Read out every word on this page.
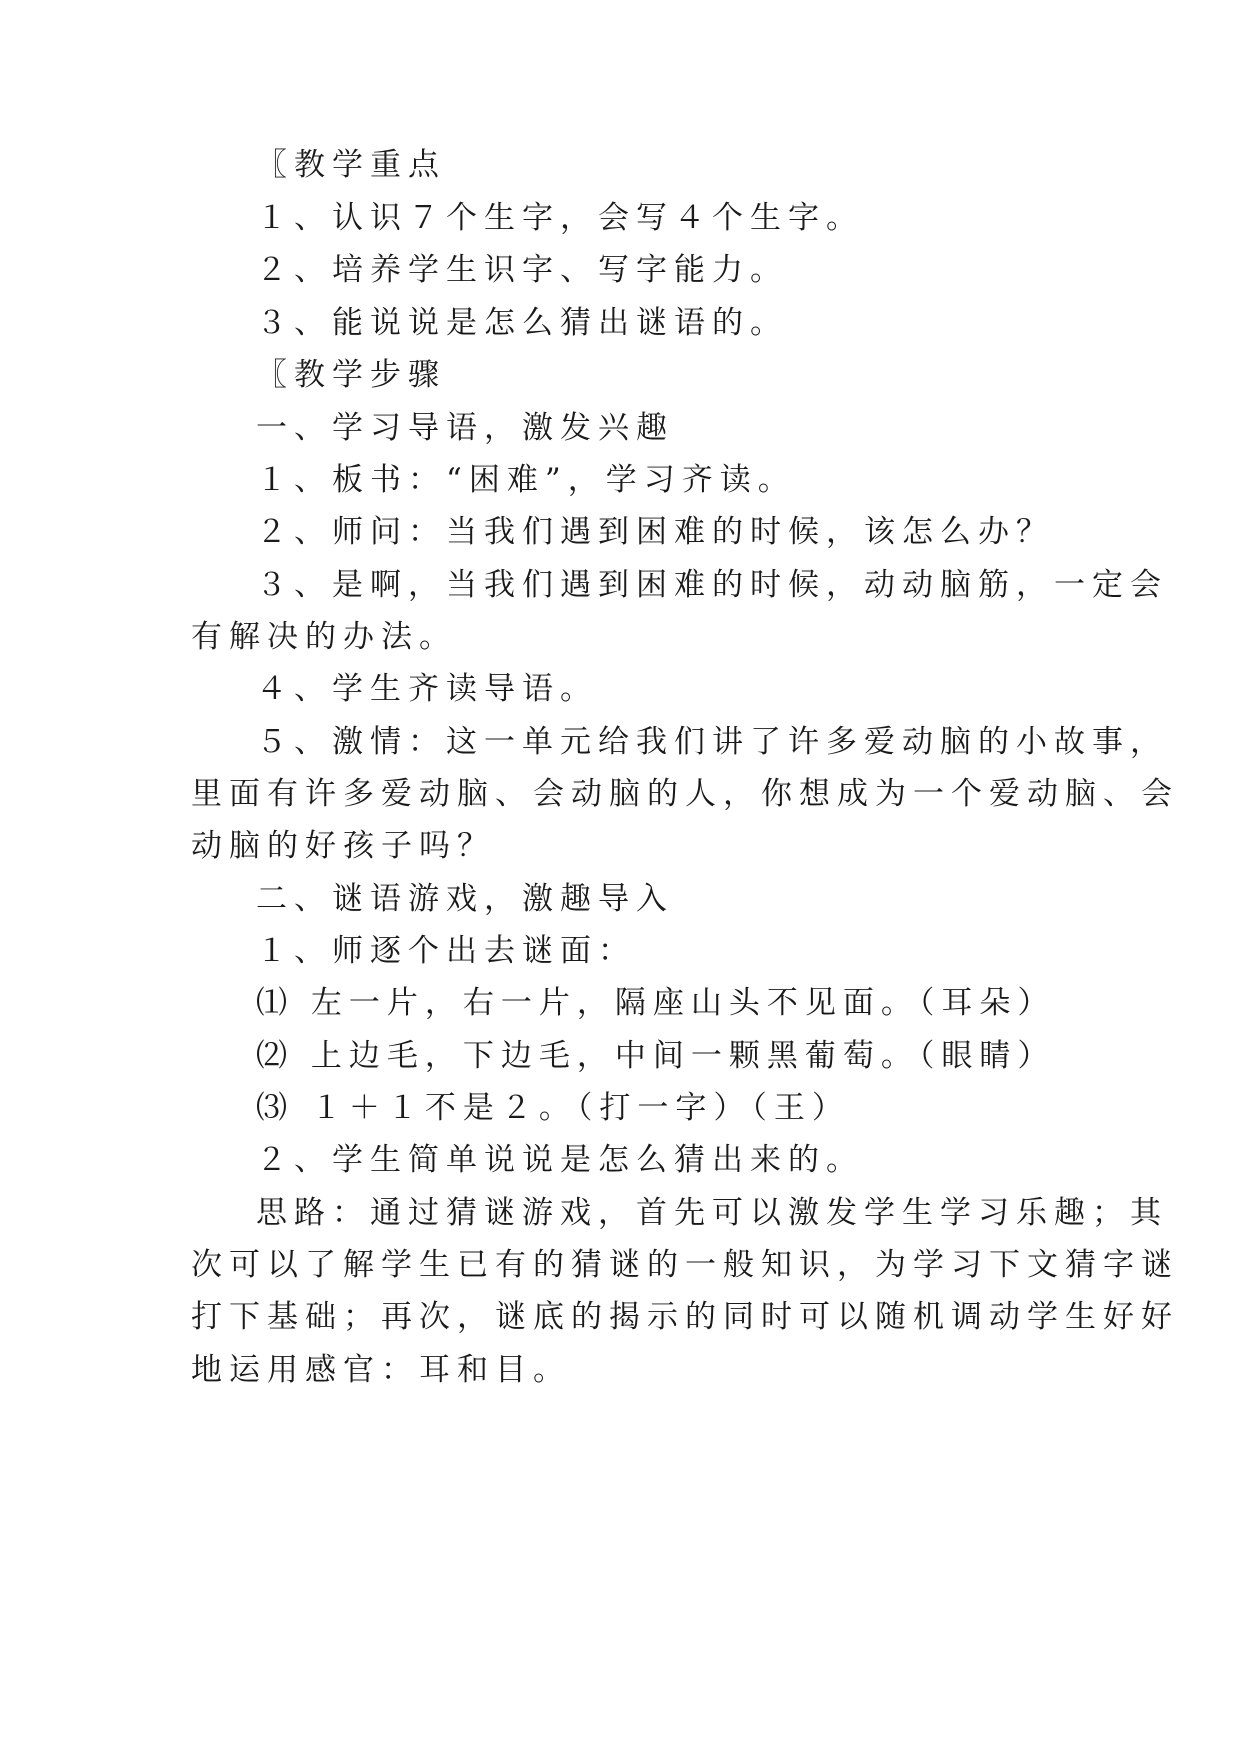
〖教学重点
１、认识７个生字，会写４个生字。
２、培养学生识字、写字能力。
３、能说说是怎么猜出谜语的。
〖教学步骤
一、学习导语，激发兴趣
１、板书：“困难”，学习齐读。
２、师问：当我们遇到困难的时候，该怎么办？
３、是啊，当我们遇到困难的时候，动动脑筋，一定会
有解决的办法。
４、学生齐读导语。
５、激情：这一单元给我们讲了许多爱动脑的小故事，
里面有许多爱动脑、会动脑的人，你想成为一个爱动脑、会
动脑的好孩子吗？
二、谜语游戏，激趣导入
１、师逐个出去谜面：
⑴ 左一片，右一片，隔座山头不见面。（耳朵）
⑵ 上边毛，下边毛，中间一颗黑葡萄。（眼睛）
⑶ １＋１不是２。（打一字）（王）
２、学生简单说说是怎么猜出来的。
思路：通过猜谜游戏，首先可以激发学生学习乐趣；其
次可以了解学生已有的猜谜的一般知识，为学习下文猜字谜
打下基础；再次，谜底的揭示的同时可以随机调动学生好好
地运用感官：耳和目。
